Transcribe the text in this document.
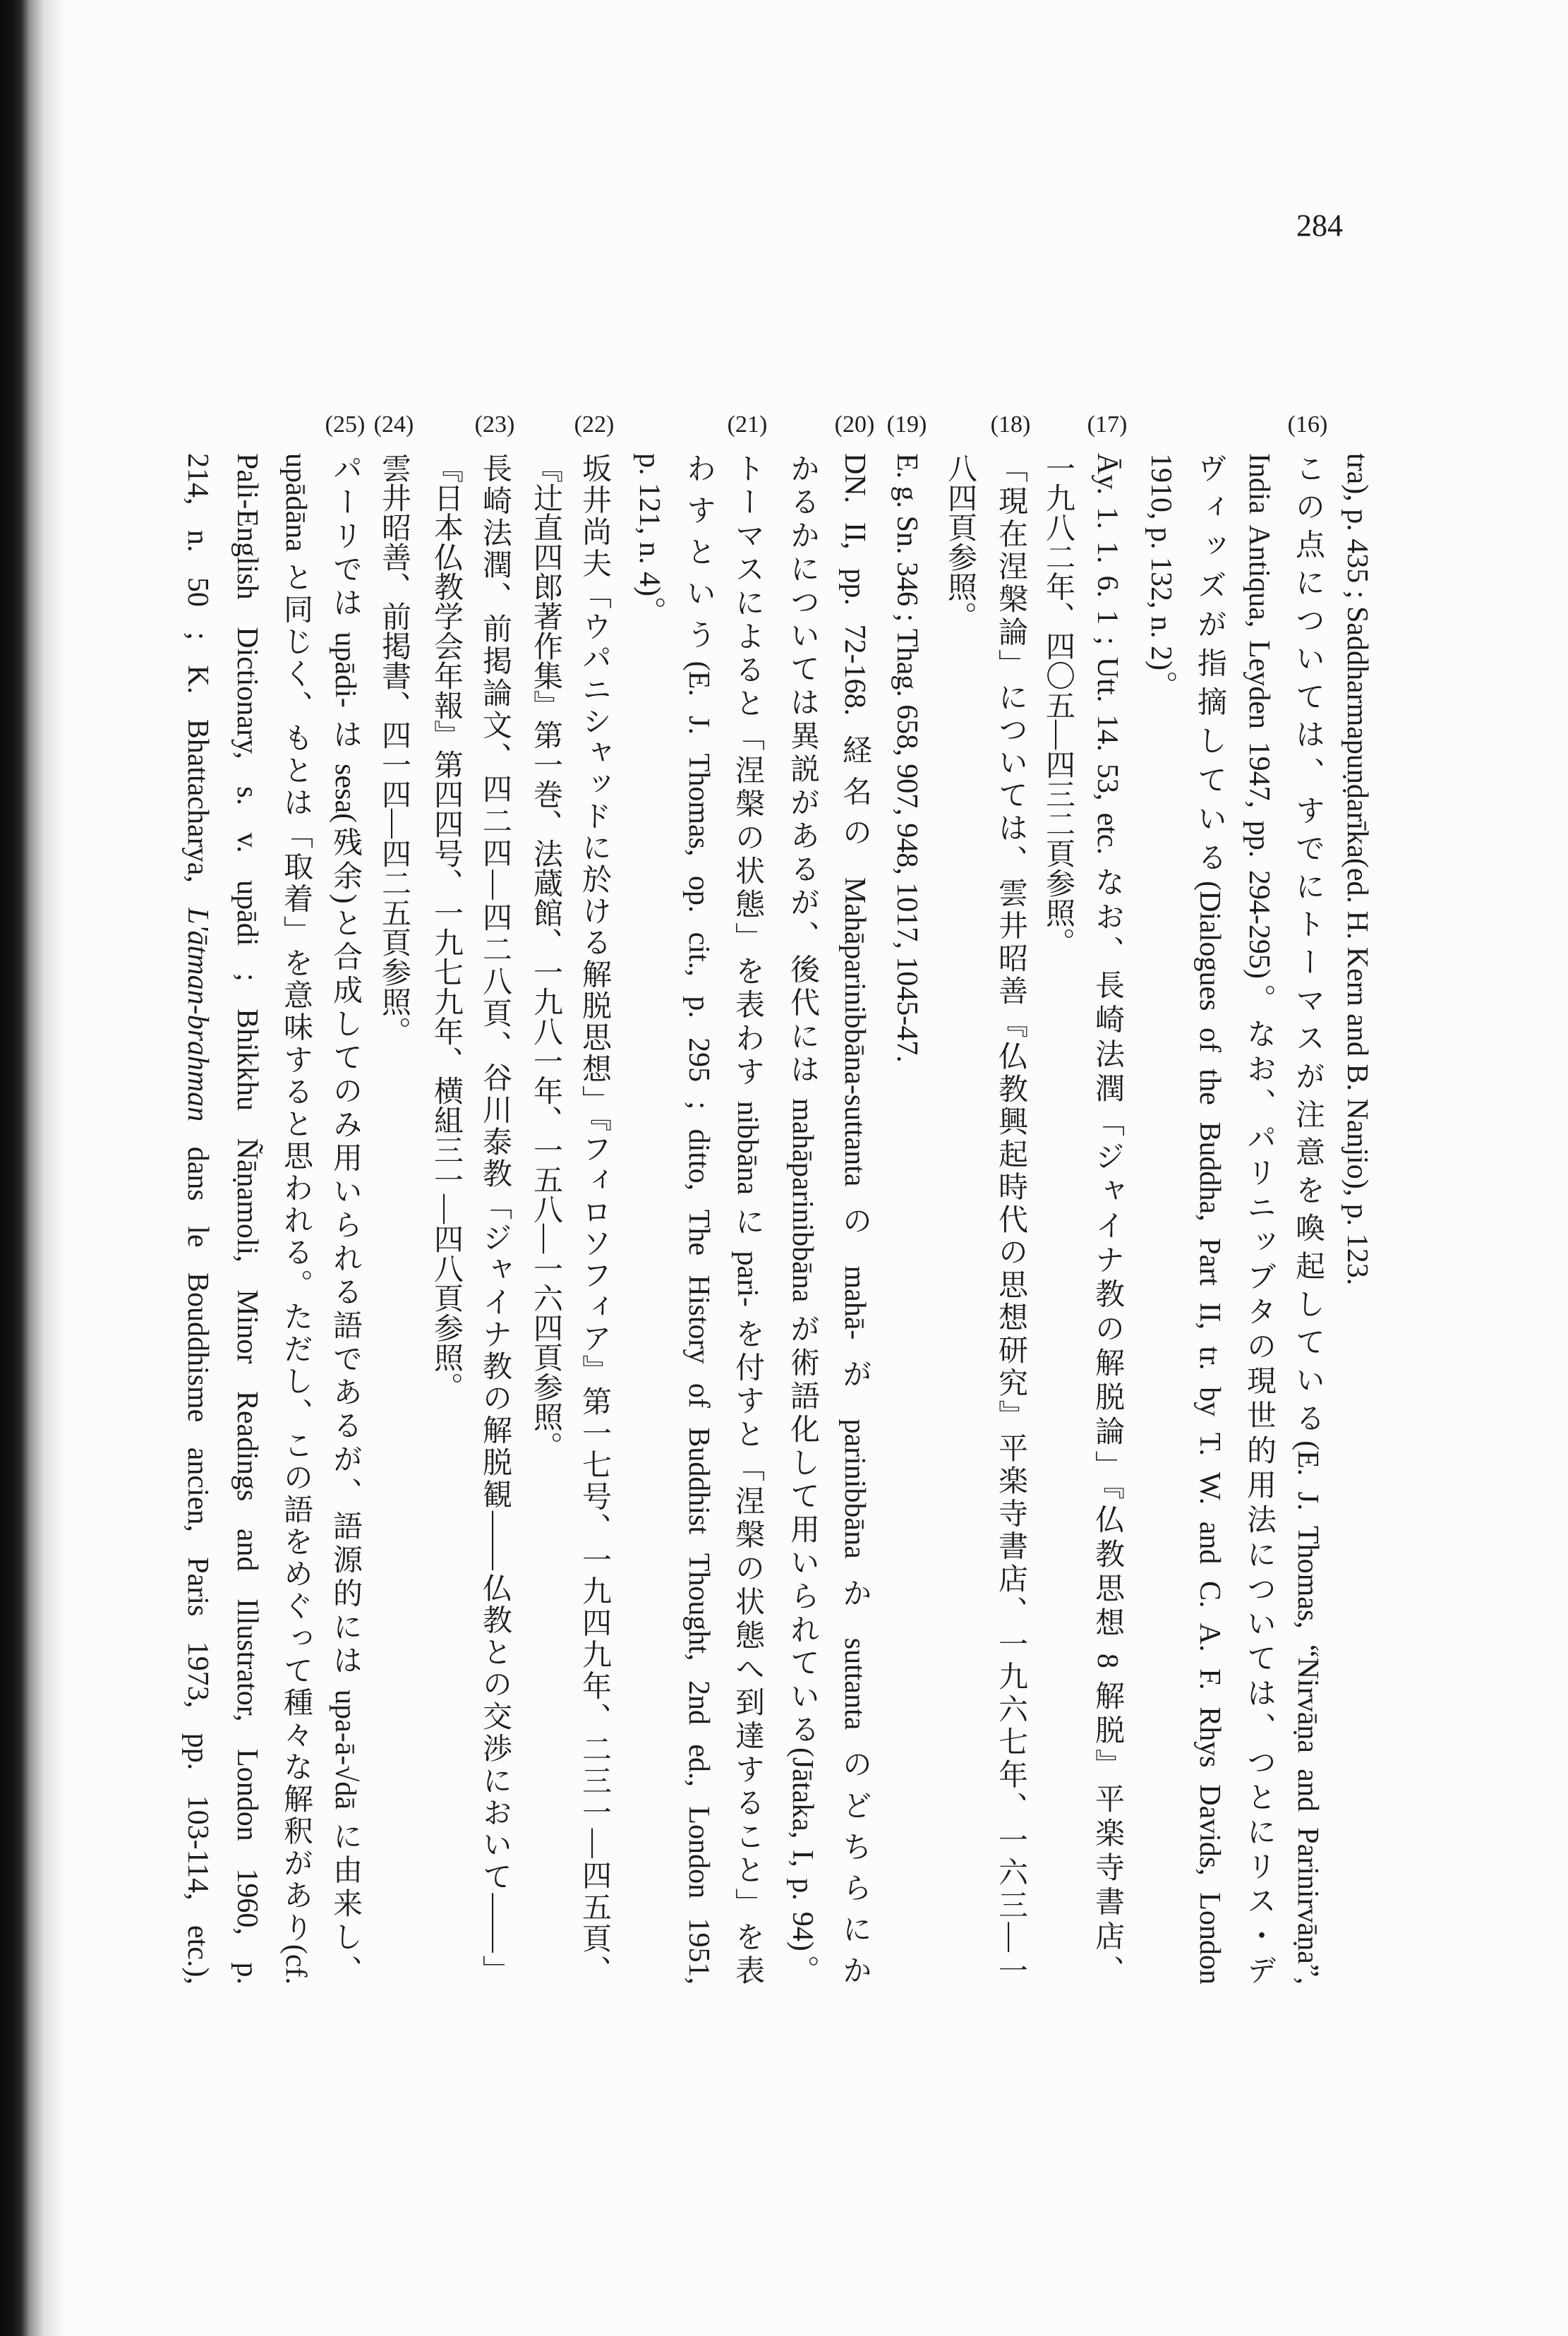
284
tra), p. 435 ; Saddharmapuṇḍarīka(ed. H. Kern and B. Nanjio), p. 123.
(16)
この点については、すでにトーマスが注意を喚起している(E. J. Thomas, “Nirvāṇa and Parinirvāṇa”,
India Antiqua, Leyden 1947, pp. 294-295)。なお、パリニッブタの現世的用法については、つとにリス・デ
ヴィッズが指摘している(Dialogues of the Buddha, Part II, tr. by T. W. and C. A. F. Rhys Davids, London
1910, p. 132, n. 2)。
(17)
Āy. 1. 1. 6. 1 ; Utt. 14. 53, etc. なお、長崎法潤「ジャイナ教の解脱論」『仏教思想 8 解脱』平楽寺書店、
一九八二年、四〇五―四三二頁参照。
(18)
「現在涅槃論」については、雲井昭善『仏教興起時代の思想研究』平楽寺書店、一九六七年、一六三―一
八四頁参照。
(19)
E. g. Sn. 346 ; Thag. 658, 907, 948, 1017, 1045-47.
(20)
DN. II, pp. 72-168. 経名の Mahāparinibbāna-suttanta の mahā- が parinibbāna か suttanta のどちらにか
かるかについては異説があるが、後代には mahāparinibbāna が術語化して用いられている(Jātaka, I, p. 94)。
(21)
トーマスによると「涅槃の状態」を表わす nibbāna に pari- を付すと「涅槃の状態へ到達すること」を表
わすという(E. J. Thomas, op. cit., p. 295 ; ditto, The History of Buddhist Thought, 2nd ed., London 1951,
p. 121, n. 4)。
(22)
坂井尚夫「ウパニシャッドに於ける解脱思想」『フィロソフィア』第一七号、一九四九年、二三一―四五頁、
『辻直四郎著作集』第一巻、法蔵館、一九八一年、一五八―一六四頁参照。
(23)
長崎法潤、前掲論文、四二四―四二八頁、谷川泰教「ジャイナ教の解脱観――仏教との交渉において――」
『日本仏教学会年報』第四四号、一九七九年、横組三一―四八頁参照。
(24)
雲井昭善、前掲書、四一四―四二五頁参照。
(25)
パーリでは upādi- は sesa(残余)と合成してのみ用いられる語であるが、語源的には upa-ā-√dā に由来し、
upādāna と同じく、もとは「取着」を意味すると思われる。ただし、この語をめぐって種々な解釈があり(cf.
Pali-English Dictionary, s. v. upādi ; Bhikkhu Ñāṇamoli, Minor Readings and Illustrator, London 1960, p.
214, n. 50 ; K. Bhattacharya, L'ātman-brahman dans le Bouddhisme ancien, Paris 1973, pp. 103-114, etc.),
